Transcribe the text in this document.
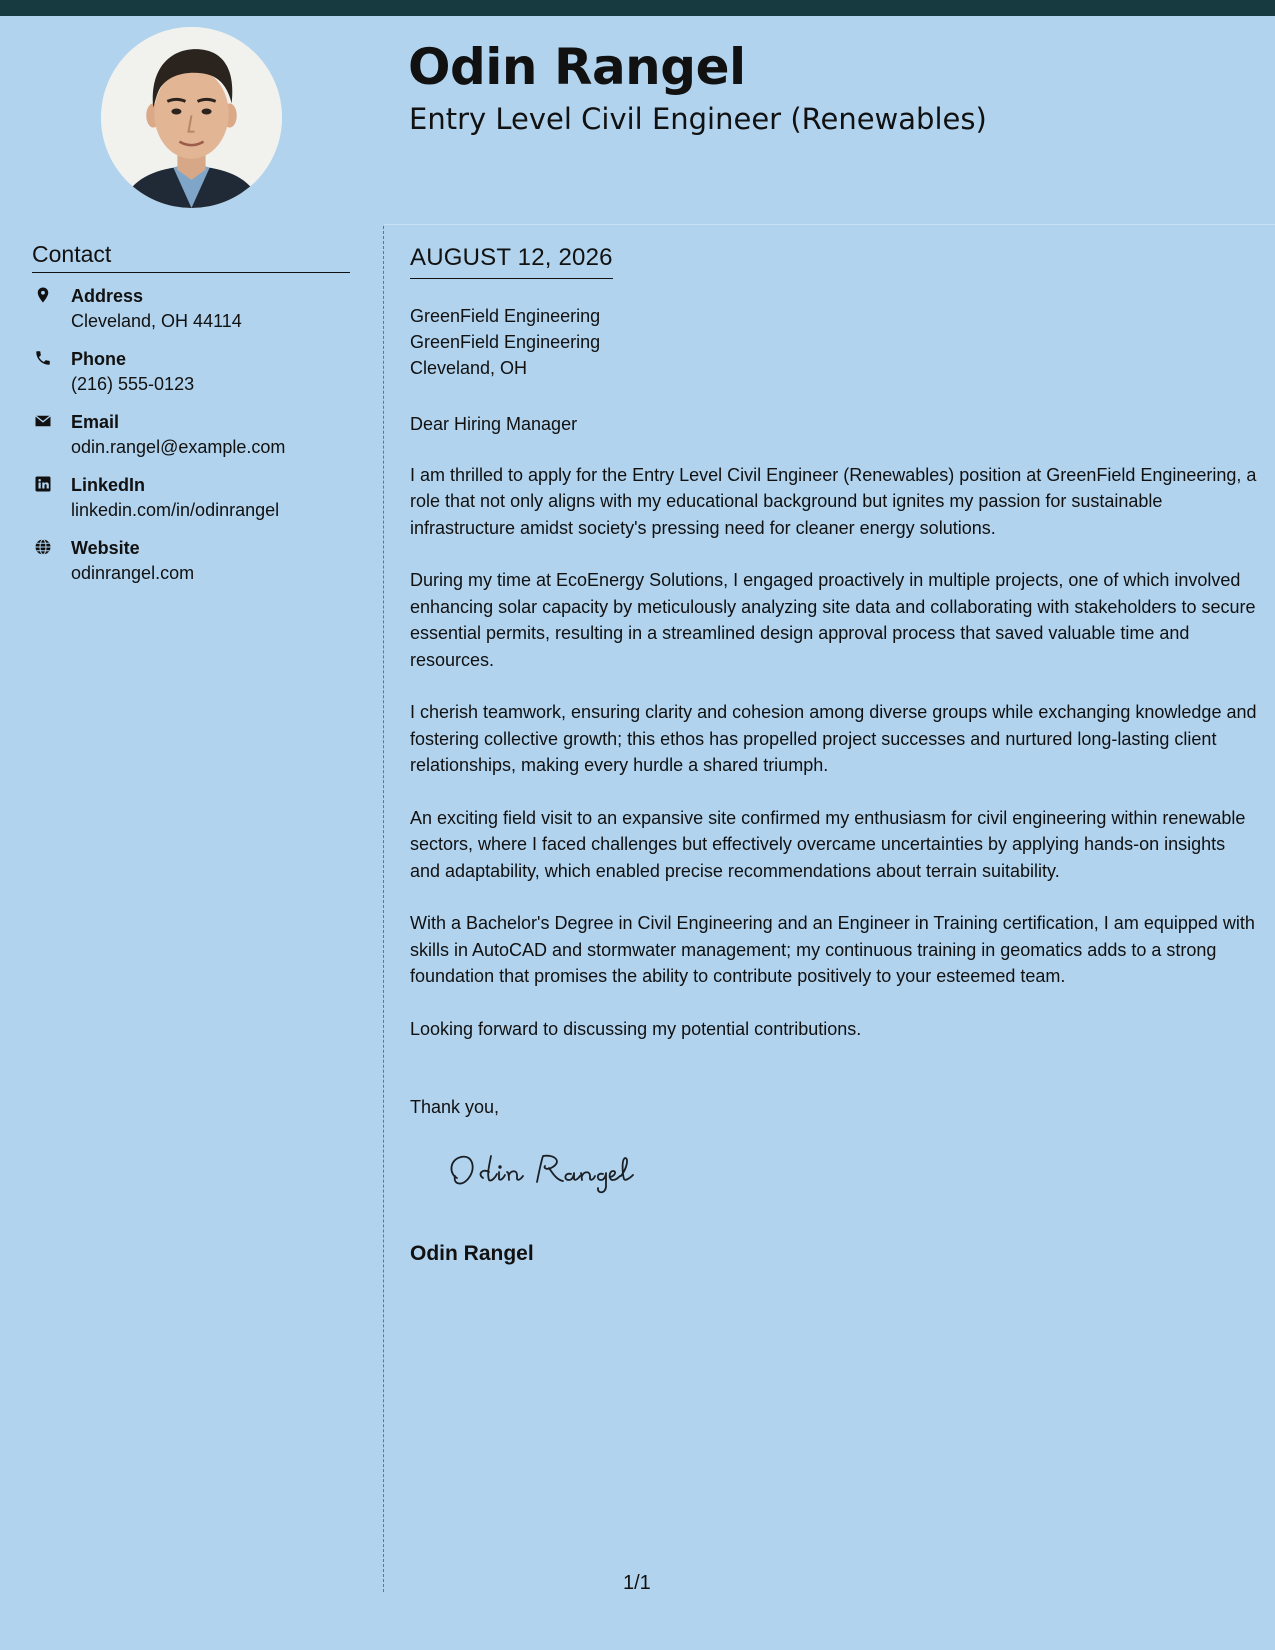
Odin Rangel
Entry Level Civil Engineer (Renewables)
Contact
Address
Cleveland, OH 44114
Phone
(216) 555-0123
Email
odin.rangel@example.com
LinkedIn
linkedin.com/in/odinrangel
Website
odinrangel.com
AUGUST 12, 2026
GreenField Engineering
GreenField Engineering
Cleveland, OH

Dear Hiring Manager

I am thrilled to apply for the Entry Level Civil Engineer (Renewables) position at GreenField Engineering, a role that not only aligns with my educational background but ignites my passion for sustainable infrastructure amidst society's pressing need for cleaner energy solutions.

During my time at EcoEnergy Solutions, I engaged proactively in multiple projects, one of which involved enhancing solar capacity by meticulously analyzing site data and collaborating with stakeholders to secure essential permits, resulting in a streamlined design approval process that saved valuable time and resources.

I cherish teamwork, ensuring clarity and cohesion among diverse groups while exchanging knowledge and fostering collective growth; this ethos has propelled project successes and nurtured long-lasting client relationships, making every hurdle a shared triumph.

An exciting field visit to an expansive site confirmed my enthusiasm for civil engineering within renewable sectors, where I faced challenges but effectively overcame uncertainties by applying hands-on insights and adaptability, which enabled precise recommendations about terrain suitability.

With a Bachelor's Degree in Civil Engineering and an Engineer in Training certification, I am equipped with skills in AutoCAD and stormwater management; my continuous training in geomatics adds to a strong foundation that promises the ability to contribute positively to your esteemed team.

Looking forward to discussing my potential contributions.

Thank you,
Odin Rangel
1/1
